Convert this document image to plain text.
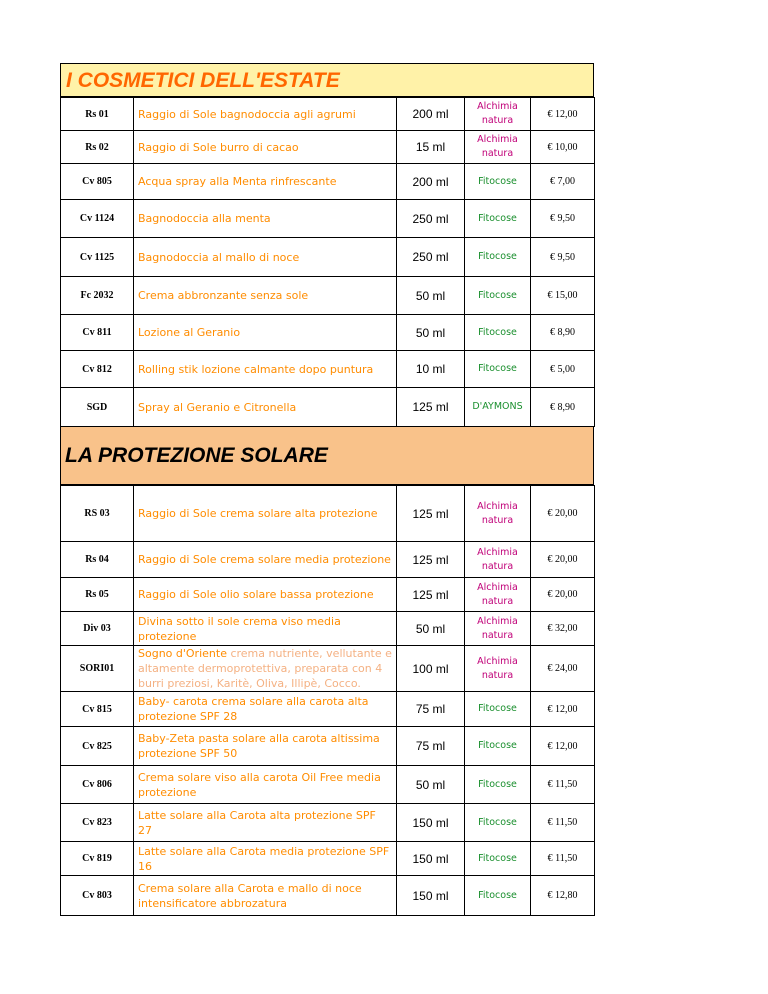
I COSMETICI DELL'ESTATE
Rs 01	Raggio di Sole bagnodoccia agli agrumi	200 ml	Alchimia natura	€ 12,00
Rs 02	Raggio di Sole burro di cacao	15 ml	Alchimia natura	€ 10,00
Cv 805	Acqua spray alla Menta rinfrescante	200 ml	Fitocose	€ 7,00
Cv 1124	Bagnodoccia alla menta	250 ml	Fitocose	€ 9,50
Cv 1125	Bagnodoccia al mallo di noce	250 ml	Fitocose	€ 9,50
Fc 2032	Crema abbronzante senza sole	50 ml	Fitocose	€ 15,00
Cv 811	Lozione al Geranio	50 ml	Fitocose	€ 8,90
Cv 812	Rolling stik lozione calmante dopo puntura	10 ml	Fitocose	€ 5,00
SGD	Spray al Geranio e Citronella	125 ml	D'AYMONS	€ 8,90
LA PROTEZIONE SOLARE
RS 03	Raggio di Sole crema solare alta protezione	125 ml	Alchimia natura	€ 20,00
Rs 04	Raggio di Sole crema solare media protezione	125 ml	Alchimia natura	€ 20,00
Rs 05	Raggio di Sole olio solare bassa protezione	125 ml	Alchimia natura	€ 20,00
Div 03	Divina sotto il sole crema viso media protezione	50 ml	Alchimia natura	€ 32,00
SORI01	Sogno d'Oriente crema nutriente, vellutante e altamente dermoprotettiva, preparata con 4 burri preziosi, Karitè, Oliva, Illipè, Cocco.	100 ml	Alchimia natura	€ 24,00
Cv 815	Baby- carota crema solare alla carota alta protezione SPF 28	75 ml	Fitocose	€ 12,00
Cv 825	Baby-Zeta pasta solare alla carota altissima protezione SPF 50	75 ml	Fitocose	€ 12,00
Cv 806	Crema solare viso alla carota Oil Free media protezione	50 ml	Fitocose	€ 11,50
Cv 823	Latte solare alla Carota alta protezione SPF 27	150 ml	Fitocose	€ 11,50
Cv 819	Latte solare alla Carota media protezione SPF 16	150 ml	Fitocose	€ 11,50
Cv 803	Crema solare alla Carota e mallo di noce intensificatore abbrozatura	150 ml	Fitocose	€ 12,80
